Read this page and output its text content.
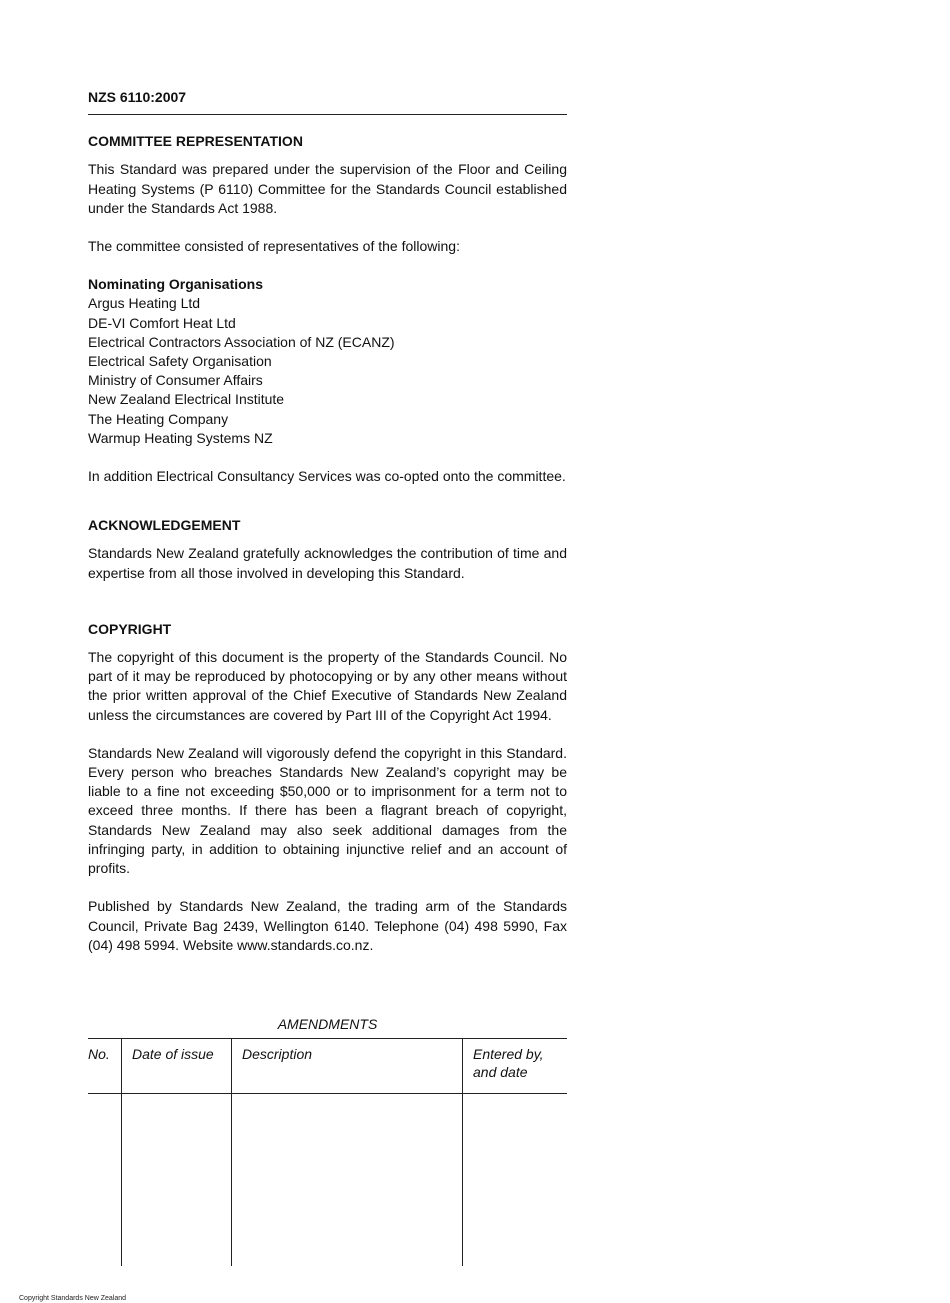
NZS 6110:2007
COMMITTEE REPRESENTATION

This Standard was prepared under the supervision of the Floor and Ceiling Heating Systems (P 6110) Committee for the Standards Council established under the Standards Act 1988.

The committee consisted of representatives of the following:

Nominating Organisations
Argus Heating Ltd
DE-VI Comfort Heat Ltd
Electrical Contractors Association of NZ (ECANZ)
Electrical Safety Organisation
Ministry of Consumer Affairs
New Zealand Electrical Institute
The Heating Company
Warmup Heating Systems NZ

In addition Electrical Consultancy Services was co-opted onto the committee.

ACKNOWLEDGEMENT

Standards New Zealand gratefully acknowledges the contribution of time and expertise from all those involved in developing this Standard.

COPYRIGHT

The copyright of this document is the property of the Standards Council. No part of it may be reproduced by photocopying or by any other means without the prior written approval of the Chief Executive of Standards New Zealand unless the circumstances are covered by Part III of the Copyright Act 1994.

Standards New Zealand will vigorously defend the copyright in this Standard. Every person who breaches Standards New Zealand’s copyright may be liable to a fine not exceeding $50,000 or to imprisonment for a term not to exceed three months. If there has been a flagrant breach of copyright, Standards New Zealand may also seek additional damages from the infringing party, in addition to obtaining injunctive relief and an account of profits.

Published by Standards New Zealand, the trading arm of the Standards Council, Private Bag 2439, Wellington 6140. Telephone (04) 498 5990, Fax (04) 498 5994. Website www.standards.co.nz.

AMENDMENTS
No.	Date of issue	Description	Entered by, and date

Copyright Standards New Zealand
